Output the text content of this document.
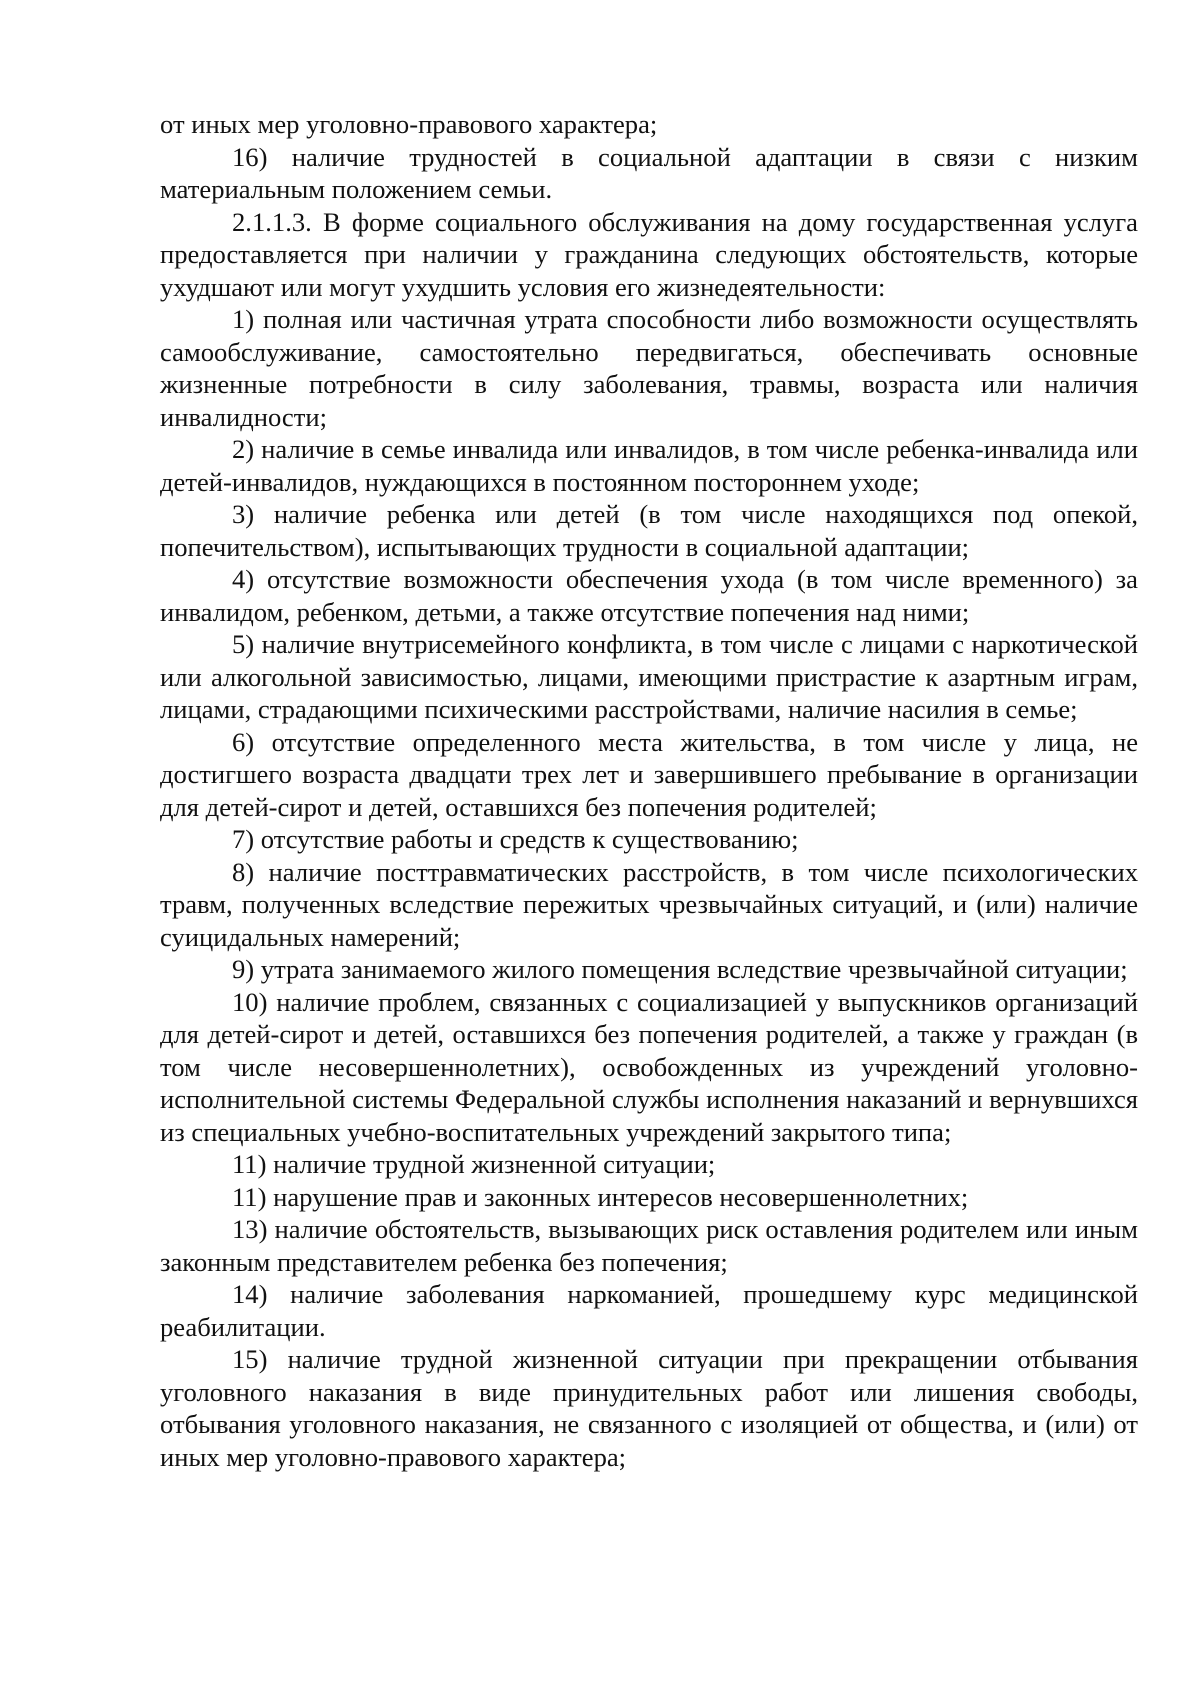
от иных мер уголовно-правового характера;

16) наличие трудностей в социальной адаптации в связи с низким материальным положением семьи.

2.1.1.3. В форме социального обслуживания на дому государственная услуга предоставляется при наличии у гражданина следующих обстоятельств, которые ухудшают или могут ухудшить условия его жизнедеятельности:

1) полная или частичная утрата способности либо возможности осуществлять самообслуживание, самостоятельно передвигаться, обеспечивать основные жизненные потребности в силу заболевания, травмы, возраста или наличия инвалидности;

2) наличие в семье инвалида или инвалидов, в том числе ребенка-инвалида или детей-инвалидов, нуждающихся в постоянном постороннем уходе;

3) наличие ребенка или детей (в том числе находящихся под опекой, попечительством), испытывающих трудности в социальной адаптации;

4) отсутствие возможности обеспечения ухода (в том числе временного) за инвалидом, ребенком, детьми, а также отсутствие попечения над ними;

5) наличие внутрисемейного конфликта, в том числе с лицами с наркотической или алкогольной зависимостью, лицами, имеющими пристрастие к азартным играм, лицами, страдающими психическими расстройствами, наличие насилия в семье;

6) отсутствие определенного места жительства, в том числе у лица, не достигшего возраста двадцати трех лет и завершившего пребывание в организации для детей-сирот и детей, оставшихся без попечения родителей;

7) отсутствие работы и средств к существованию;

8) наличие посттравматических расстройств, в том числе психологических травм, полученных вследствие пережитых чрезвычайных ситуаций, и (или) наличие суицидальных намерений;

9) утрата занимаемого жилого помещения вследствие чрезвычайной ситуации;

10) наличие проблем, связанных с социализацией у выпускников организаций для детей-сирот и детей, оставшихся без попечения родителей, а также у граждан (в том числе несовершеннолетних), освобожденных из учреждений уголовно-исполнительной системы Федеральной службы исполнения наказаний и вернувшихся из специальных учебно-воспитательных учреждений закрытого типа;

11) наличие трудной жизненной ситуации;

11) нарушение прав и законных интересов несовершеннолетних;

13) наличие обстоятельств, вызывающих риск оставления родителем или иным законным представителем ребенка без попечения;

14) наличие заболевания наркоманией, прошедшему курс медицинской реабилитации.

15) наличие трудной жизненной ситуации при прекращении отбывания уголовного наказания в виде принудительных работ или лишения свободы, отбывания уголовного наказания, не связанного с изоляцией от общества, и (или) от иных мер уголовно-правового характера;
